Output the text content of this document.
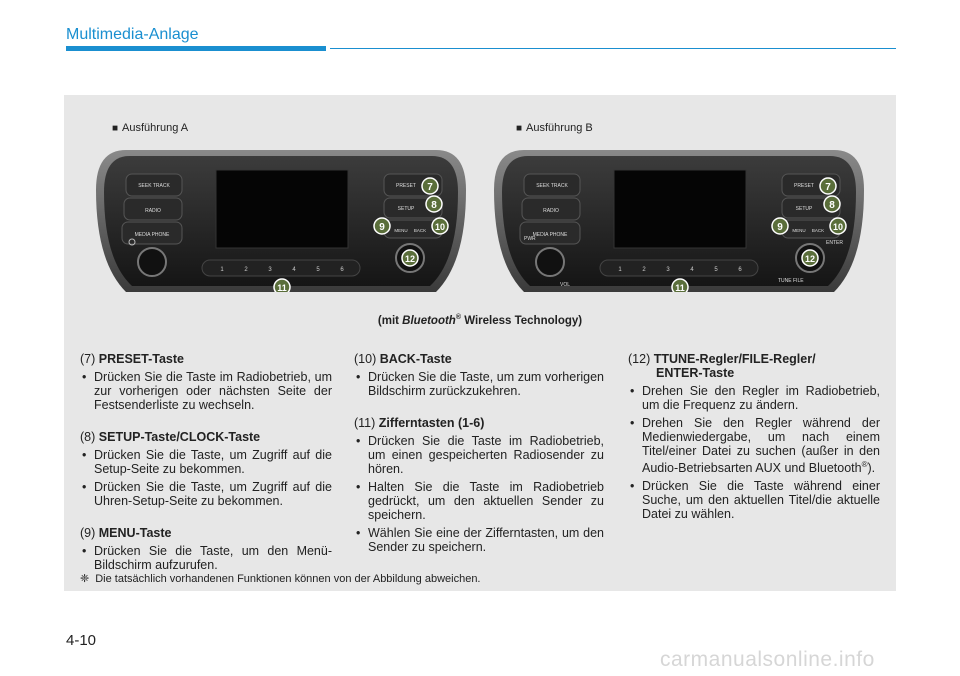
Multimedia-Anlage
■ Ausführung A	■ Ausführung B
SEEK TRACK
RADIO
MEDIA PHONE
PRESET
SETUP
MENU BACK
1	2	3	4	5	6
7
8
9	10
11
12
SEEK TRACK
RADIO
MEDIA PHONE
PRESET
SETUP
MENU BACK
PWR
VOL
TUNE FILE
ENTER
1	2	3	4	5	6
7
8
9	10
11
12
(mit Bluetooth® Wireless Technology)
(7) PRESET-Taste
• Drücken Sie die Taste im Radiobetrieb, um zur vorherigen oder nächsten Seite der Festsenderliste zu wechseln.
(8) SETUP-Taste/CLOCK-Taste
• Drücken Sie die Taste, um Zugriff auf die Setup-Seite zu bekommen.
• Drücken Sie die Taste, um Zugriff auf die Uhren-Setup-Seite zu bekommen.
(9) MENU-Taste
• Drücken Sie die Taste, um den Menü-Bildschirm aufzurufen.
(10) BACK-Taste
• Drücken Sie die Taste, um zum vorherigen Bildschirm zurückzukehren.
(11) Zifferntasten (1-6)
• Drücken Sie die Taste im Radiobetrieb, um einen gespeicherten Radiosender zu hören.
• Halten Sie die Taste im Radiobetrieb gedrückt, um den aktuellen Sender zu speichern.
• Wählen Sie eine der Zifferntasten, um den Sender zu speichern.
(12) TTUNE-Regler/FILE-Regler/
ENTER-Taste
• Drehen Sie den Regler im Radiobetrieb, um die Frequenz zu ändern.
• Drehen Sie den Regler während der Medienwiedergabe, um nach einem Titel/einer Datei zu suchen (außer in den Audio-Betriebsarten AUX und Bluetooth®).
• Drücken Sie die Taste während einer Suche, um den aktuellen Titel/die aktuelle Datei zu wählen.
❈ Die tatsächlich vorhandenen Funktionen können von der Abbildung abweichen.
4-10
carmanualsonline.info
